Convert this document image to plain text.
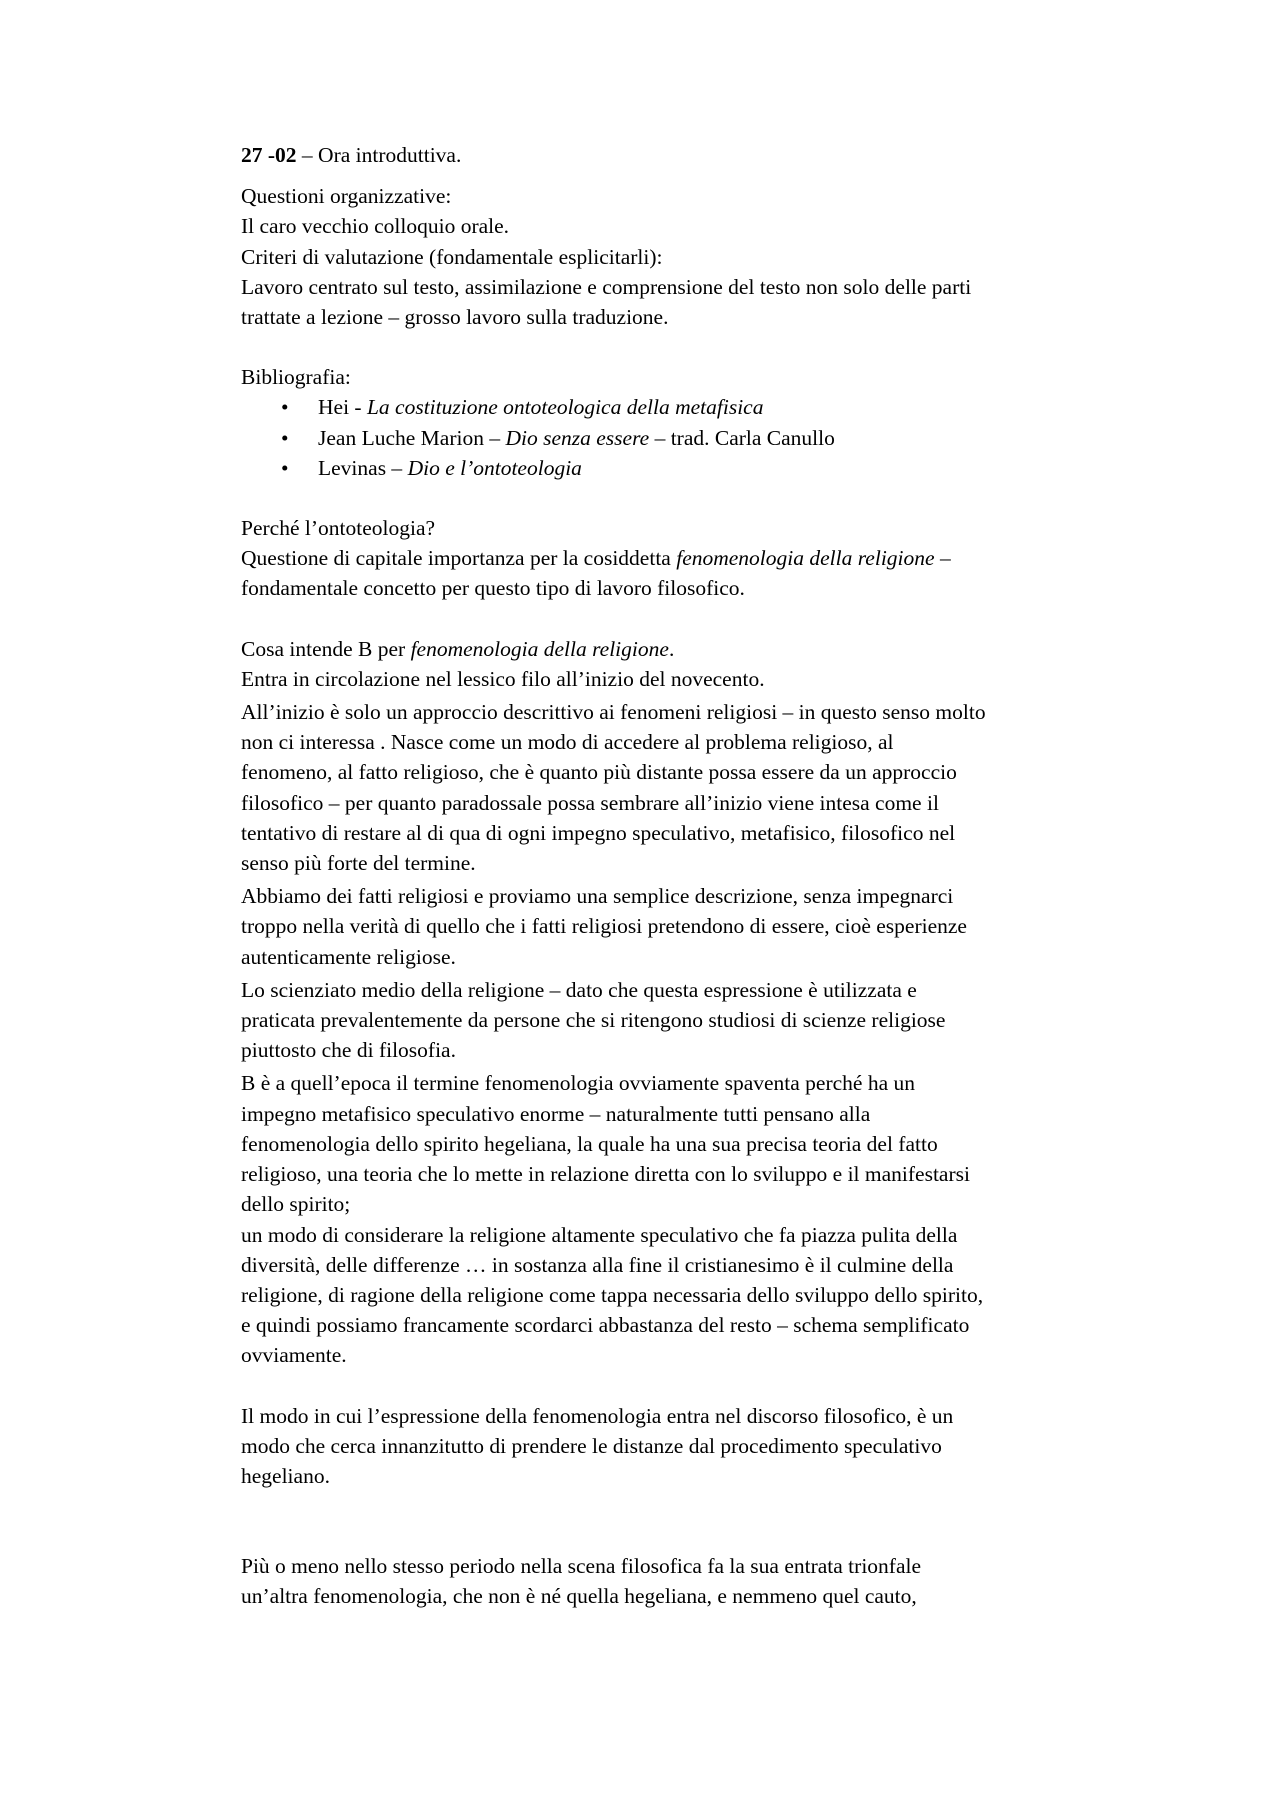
27 -02 – Ora introduttiva.

Questioni organizzative:
Il caro vecchio colloquio orale.
Criteri di valutazione (fondamentale esplicitarli):
Lavoro centrato sul testo, assimilazione e comprensione del testo non solo delle parti
trattate a lezione – grosso lavoro sulla traduzione.

Bibliografia:

• Hei - La costituzione ontoteologica della metafisica
• Jean Luche Marion – Dio senza essere – trad. Carla Canullo
• Levinas – Dio e l’ontoteologia

Perché l’ontoteologia?
Questione di capitale importanza per la cosiddetta fenomenologia della religione –
fondamentale concetto per questo tipo di lavoro filosofico.

Cosa intende B per fenomenologia della religione.
Entra in circolazione nel lessico filo all’inizio del novecento.

All’inizio è solo un approccio descrittivo ai fenomeni religiosi – in questo senso molto
non ci interessa . Nasce come un modo di accedere al problema religioso, al
fenomeno, al fatto religioso, che è quanto più distante possa essere da un approccio
filosofico – per quanto paradossale possa sembrare all’inizio viene intesa come il
tentativo di restare al di qua di ogni impegno speculativo, metafisico, filosofico nel
senso più forte del termine.

Abbiamo dei fatti religiosi e proviamo una semplice descrizione, senza impegnarci
troppo nella verità di quello che i fatti religiosi pretendono di essere, cioè esperienze
autenticamente religiose.

Lo scienziato medio della religione – dato che questa espressione è utilizzata e
praticata prevalentemente da persone che si ritengono studiosi di scienze religiose
piuttosto che di filosofia.

B è a quell’epoca il termine fenomenologia ovviamente spaventa perché ha un
impegno metafisico speculativo enorme – naturalmente tutti pensano alla
fenomenologia dello spirito hegeliana, la quale ha una sua precisa teoria del fatto
religioso, una teoria che lo mette in relazione diretta con lo sviluppo e il manifestarsi
dello spirito;
un modo di considerare la religione altamente speculativo che fa piazza pulita della
diversità, delle differenze … in sostanza alla fine il cristianesimo è il culmine della
religione, di ragione della religione come tappa necessaria dello sviluppo dello spirito,
e quindi possiamo francamente scordarci abbastanza del resto – schema semplificato
ovviamente.

Il modo in cui l’espressione della fenomenologia entra nel discorso filosofico, è un
modo che cerca innanzitutto di prendere le distanze dal procedimento speculativo
hegeliano.

Più o meno nello stesso periodo nella scena filosofica fa la sua entrata trionfale
un’altra fenomenologia, che non è né quella hegeliana, e nemmeno quel cauto,
